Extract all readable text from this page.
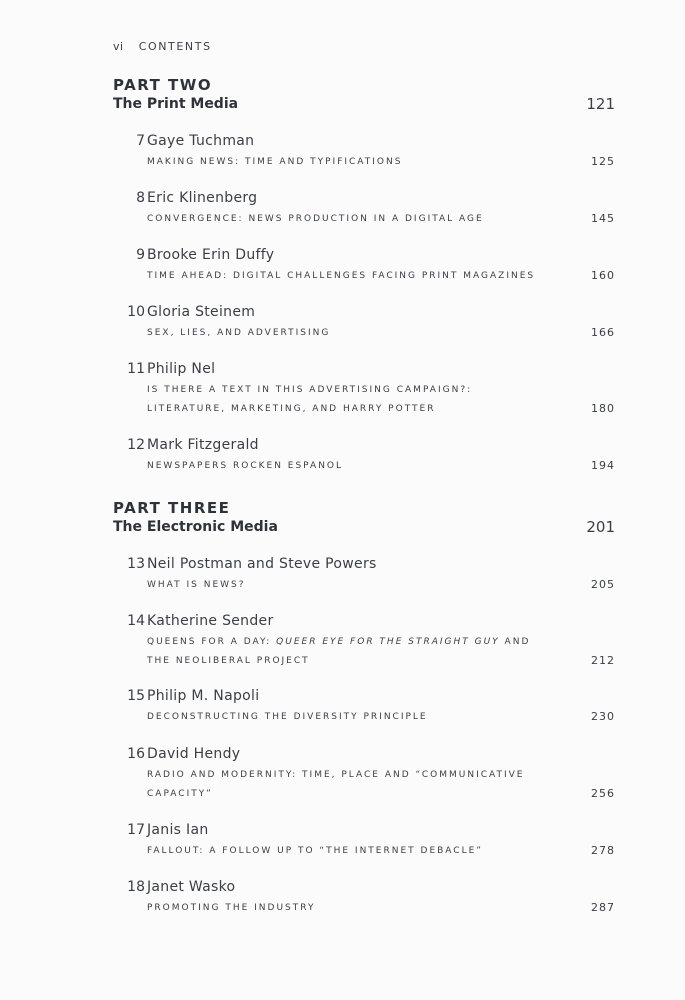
vi CONTENTS
PART TWO
The Print Media	121
7 Gaye Tuchman
MAKING NEWS: TIME AND TYPIFICATIONS	125
8 Eric Klinenberg
CONVERGENCE: NEWS PRODUCTION IN A DIGITAL AGE	145
9 Brooke Erin Duffy
TIME AHEAD: DIGITAL CHALLENGES FACING PRINT MAGAZINES	160
10 Gloria Steinem
SEX, LIES, AND ADVERTISING	166
11 Philip Nel
IS THERE A TEXT IN THIS ADVERTISING CAMPAIGN?:
LITERATURE, MARKETING, AND HARRY POTTER	180
12 Mark Fitzgerald
NEWSPAPERS ROCKEN ESPANOL	194
PART THREE
The Electronic Media	201
13 Neil Postman and Steve Powers
WHAT IS NEWS?	205
14 Katherine Sender
QUEENS FOR A DAY: QUEER EYE FOR THE STRAIGHT GUY AND
THE NEOLIBERAL PROJECT	212
15 Philip M. Napoli
DECONSTRUCTING THE DIVERSITY PRINCIPLE	230
16 David Hendy
RADIO AND MODERNITY: TIME, PLACE AND “COMMUNICATIVE
CAPACITY”	256
17 Janis Ian
FALLOUT: A FOLLOW UP TO “THE INTERNET DEBACLE”	278
18 Janet Wasko
PROMOTING THE INDUSTRY	287
